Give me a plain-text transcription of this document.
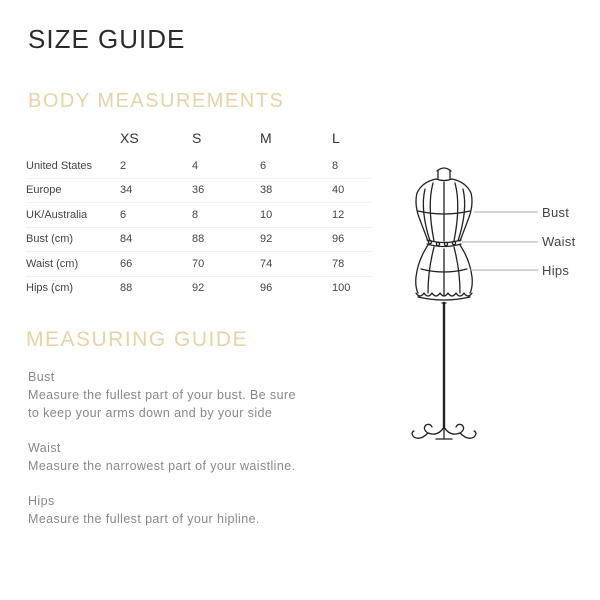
SIZE GUIDE
BODY MEASUREMENTS
	XS	S	M	L
United States	2	4	6	8
Europe	34	36	38	40
UK/Australia	6	8	10	12
Bust (cm)	84	88	92	96
Waist (cm)	66	70	74	78
Hips (cm)	88	92	96	100
MEASURING GUIDE
Bust
Measure the fullest part of your bust. Be sure
to keep your arms down and by your side
Waist
Measure the narrowest part of your waistline.
Hips
Measure the fullest part of your hipline.
Bust
Waist
Hips
